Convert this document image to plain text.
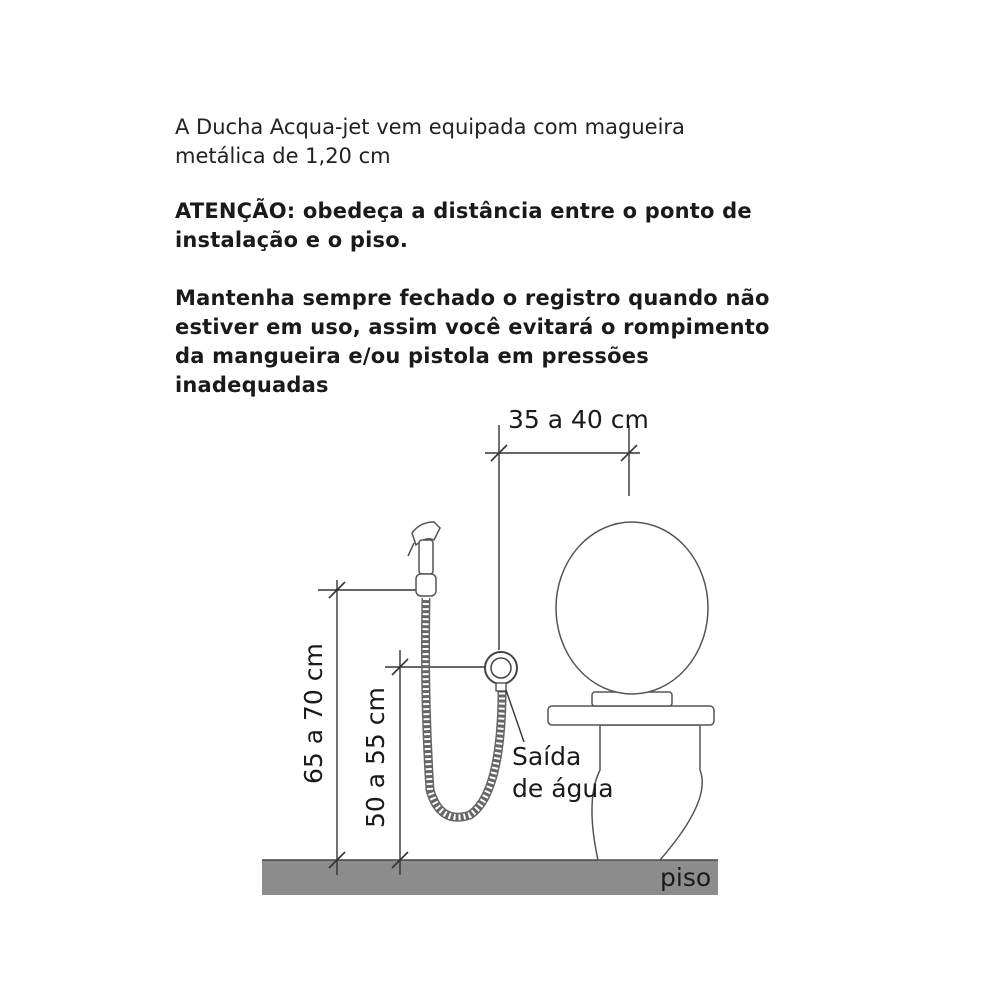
A Ducha Acqua-jet vem equipada com magueira
metálica de 1,20 cm
ATENÇÃO: obedeça a distância entre o ponto de
instalação e o piso.
Mantenha sempre fechado o registro quando não
estiver em uso, assim você evitará o rompimento
da mangueira e/ou pistola em pressões
inadequadas
piso
35 a 40 cm
65 a 70 cm 50 a 55 cm	Saída
de água
